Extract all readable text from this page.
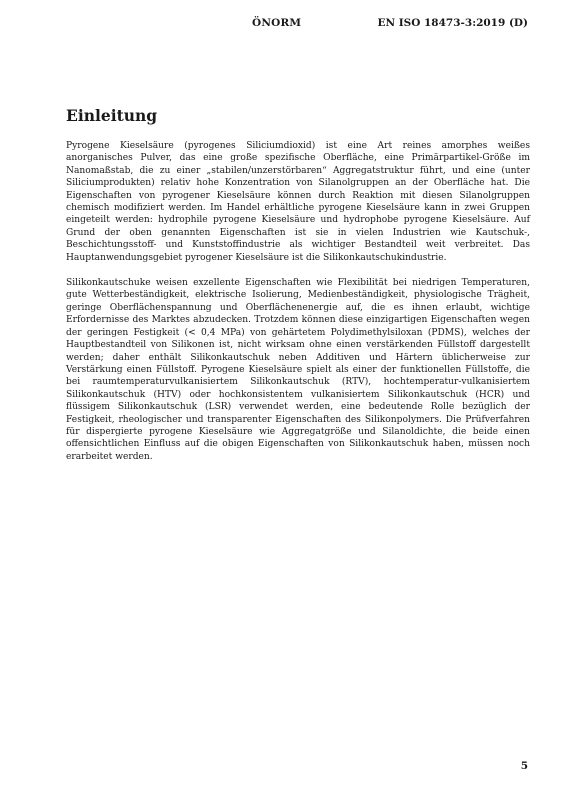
ÖNORM	EN ISO 18473-3:2019 (D)
Einleitung

Pyrogene Kieselsäure (pyrogenes Siliciumdioxid) ist eine Art reines amorphes weißes anorganisches Pulver, das eine große spezifische Oberfläche, eine Primärpartikel-Größe im Nanomaßstab, die zu einer „stabilen/unzerstörbaren“ Aggregatstruktur führt, und eine (unter Siliciumprodukten) relativ hohe Konzentration von Silanolgruppen an der Oberfläche hat. Die Eigenschaften von pyrogener Kieselsäure können durch Reaktion mit diesen Silanolgruppen chemisch modifiziert werden. Im Handel erhältliche pyrogene Kieselsäure kann in zwei Gruppen eingeteilt werden: hydrophile pyrogene Kieselsäure und hydrophobe pyrogene Kieselsäure. Auf Grund der oben genannten Eigenschaften ist sie in vielen Industrien wie Kautschuk-, Beschichtungsstoff- und Kunststoffindustrie als wichtiger Bestandteil weit verbreitet. Das Hauptanwendungsgebiet pyrogener Kieselsäure ist die Silikonkautschukindustrie.

Silikonkautschuke weisen exzellente Eigenschaften wie Flexibilität bei niedrigen Temperaturen, gute Wetterbeständigkeit, elektrische Isolierung, Medienbeständigkeit, physiologische Trägheit, geringe Oberflächenspannung und Oberflächenenergie auf, die es ihnen erlaubt, wichtige Erfordernisse des Marktes abzudecken. Trotzdem können diese einzigartigen Eigenschaften wegen der geringen Festigkeit (< 0,4 MPa) von gehärtetem Polydimethylsiloxan (PDMS), welches der Hauptbestandteil von Silikonen ist, nicht wirksam ohne einen verstärkenden Füllstoff dargestellt werden; daher enthält Silikonkautschuk neben Additiven und Härtern üblicherweise zur Verstärkung einen Füllstoff. Pyrogene Kieselsäure spielt als einer der funktionellen Füllstoffe, die bei raumtemperaturvulkanisiertem Silikonkautschuk (RTV), hochtemperatur-vulkanisiertem Silikonkautschuk (HTV) oder hochkonsistentem vulkanisiertem Silikonkautschuk (HCR) und flüssigem Silikonkautschuk (LSR) verwendet werden, eine bedeutende Rolle bezüglich der Festigkeit, rheologischer und transparenter Eigenschaften des Silikonpolymers. Die Prüfverfahren für dispergierte pyrogene Kieselsäure wie Aggregatgröße und Silanoldichte, die beide einen offensichtlichen Einfluss auf die obigen Eigenschaften von Silikonkautschuk haben, müssen noch erarbeitet werden.

5
